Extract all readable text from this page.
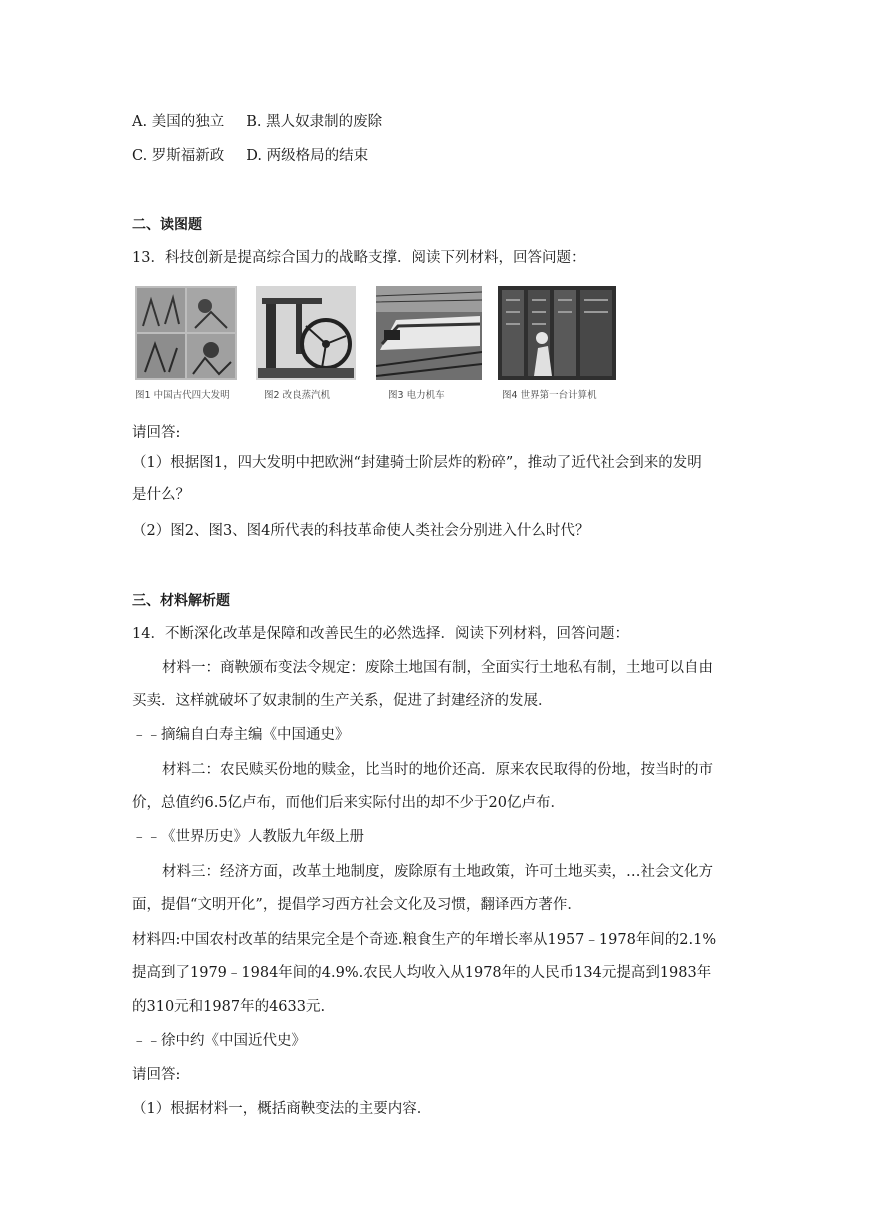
A. 美国的独立 B. 黑人奴隶制的废除
C. 罗斯福新政 D. 两级格局的结束
二、读图题
13．科技创新是提高综合国力的战略支撑．阅读下列材料，回答问题：
图1 中国古代四大发明	图2 改良蒸汽机	图3 电力机车	图4 世界第一台计算机
请回答:
（1）根据图1，四大发明中把欧洲“封建骑士阶层炸的粉碎”，推动了近代社会到来的发明
是什么？
（2）图2、图3、图4所代表的科技革命使人类社会分别进入什么时代？
三、材料解析题
14．不断深化改革是保障和改善民生的必然选择．阅读下列材料，回答问题：
材料一：商鞅颁布变法令规定：废除土地国有制，全面实行土地私有制，土地可以自由
买卖．这样就破坏了奴隶制的生产关系，促进了封建经济的发展．
﹣﹣摘编自白寿主编《中国通史》
材料二：农民赎买份地的赎金，比当时的地价还高．原来农民取得的份地，按当时的市
价，总值约6.5亿卢布，而他们后来实际付出的却不少于20亿卢布．
﹣﹣《世界历史》人教版九年级上册
材料三：经济方面，改革土地制度，废除原有土地政策，许可土地买卖，…社会文化方
面，提倡“文明开化”，提倡学习西方社会文化及习惯，翻译西方著作．
材料四:中国农村改革的结果完全是个奇迹.粮食生产的年增长率从1957﹣1978年间的2.1%
提高到了1979﹣1984年间的4.9%.农民人均收入从1978年的人民币134元提高到1983年
的310元和1987年的4633元.
﹣﹣徐中约《中国近代史》
请回答:
（1）根据材料一，概括商鞅变法的主要内容．
